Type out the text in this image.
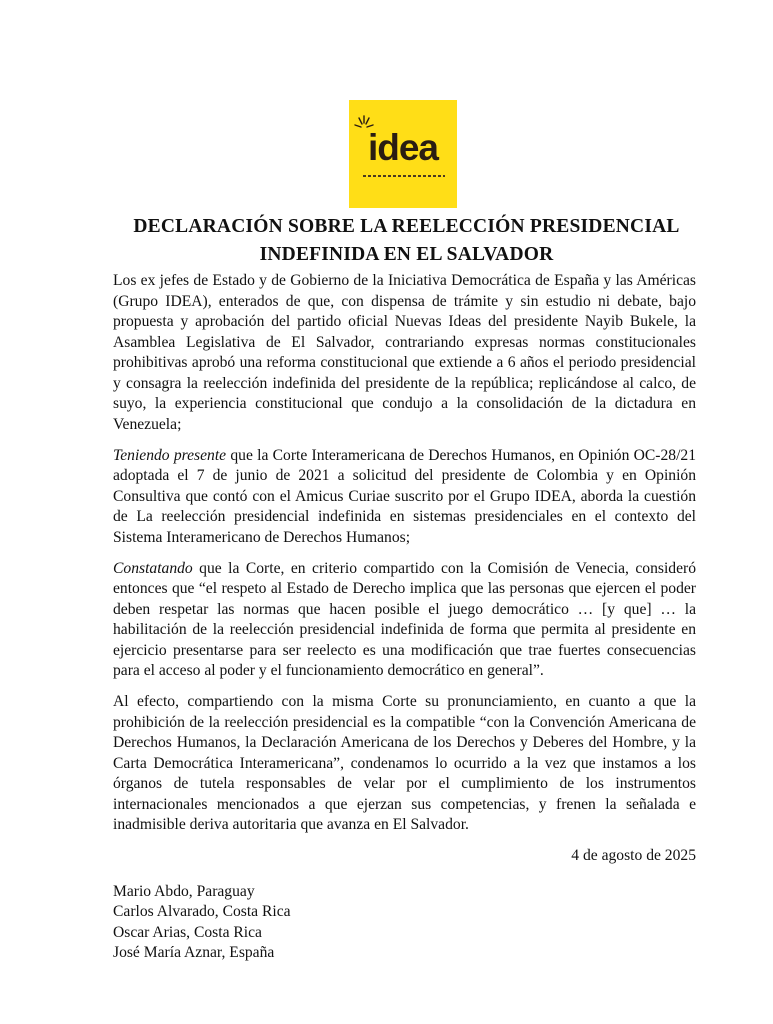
idea
DECLARACIÓN SOBRE LA REELECCIÓN PRESIDENCIAL
INDEFINIDA EN EL SALVADOR

Los ex jefes de Estado y de Gobierno de la Iniciativa Democrática de España y las Américas (Grupo IDEA), enterados de que, con dispensa de trámite y sin estudio ni debate, bajo propuesta y aprobación del partido oficial Nuevas Ideas del presidente Nayib Bukele, la Asamblea Legislativa de El Salvador, contrariando expresas normas constitucionales prohibitivas aprobó una reforma constitucional que extiende a 6 años el periodo presidencial y consagra la reelección indefinida del presidente de la república; replicándose al calco, de suyo, la experiencia constitucional que condujo a la consolidación de la dictadura en Venezuela;

Teniendo presente que la Corte Interamericana de Derechos Humanos, en Opinión OC-28/21 adoptada el 7 de junio de 2021 a solicitud del presidente de Colombia y en Opinión Consultiva que contó con el Amicus Curiae suscrito por el Grupo IDEA, aborda la cuestión de La reelección presidencial indefinida en sistemas presidenciales en el contexto del Sistema Interamericano de Derechos Humanos;

Constatando que la Corte, en criterio compartido con la Comisión de Venecia, consideró entonces que “el respeto al Estado de Derecho implica que las personas que ejercen el poder deben respetar las normas que hacen posible el juego democrático … [y que] … la habilitación de la reelección presidencial indefinida de forma que permita al presidente en ejercicio presentarse para ser reelecto es una modificación que trae fuertes consecuencias para el acceso al poder y el funcionamiento democrático en general”.

Al efecto, compartiendo con la misma Corte su pronunciamiento, en cuanto a que la prohibición de la reelección presidencial es la compatible “con la Convención Americana de Derechos Humanos, la Declaración Americana de los Derechos y Deberes del Hombre, y la Carta Democrática Interamericana”, condenamos lo ocurrido a la vez que instamos a los órganos de tutela responsables de velar por el cumplimiento de los instrumentos internacionales mencionados a que ejerzan sus competencias, y frenen la señalada e inadmisible deriva autoritaria que avanza en El Salvador.

4 de agosto de 2025
Mario Abdo, Paraguay
Carlos Alvarado, Costa Rica
Oscar Arias, Costa Rica
José María Aznar, España
